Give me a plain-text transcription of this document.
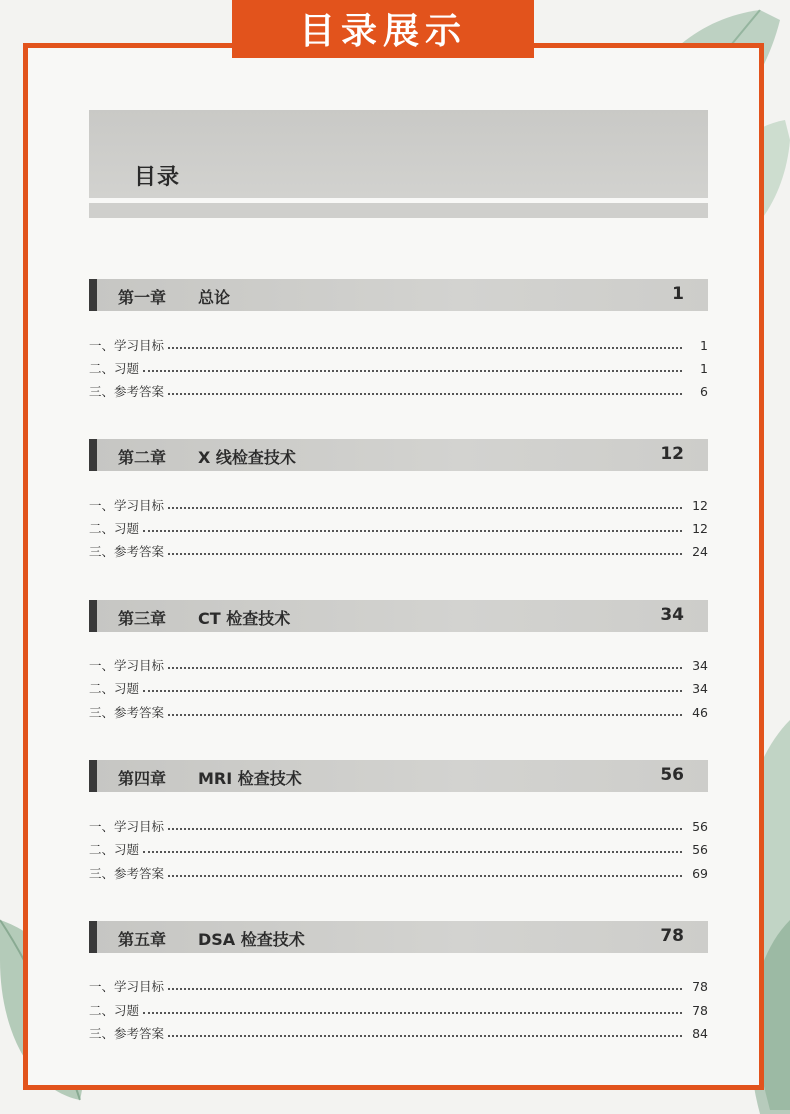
目录展示
目录
第一章 总论	1
一、学习目标	1
二、习题	1
三、参考答案	6
第二章 X 线检查技术	12
一、学习目标	12
二、习题	12
三、参考答案	24
第三章 CT 检查技术	34
一、学习目标	34
二、习题	34
三、参考答案	46
第四章 MRI 检查技术	56
一、学习目标	56
二、习题	56
三、参考答案	69
第五章 DSA 检查技术	78
一、学习目标	78
二、习题	78
三、参考答案	84
